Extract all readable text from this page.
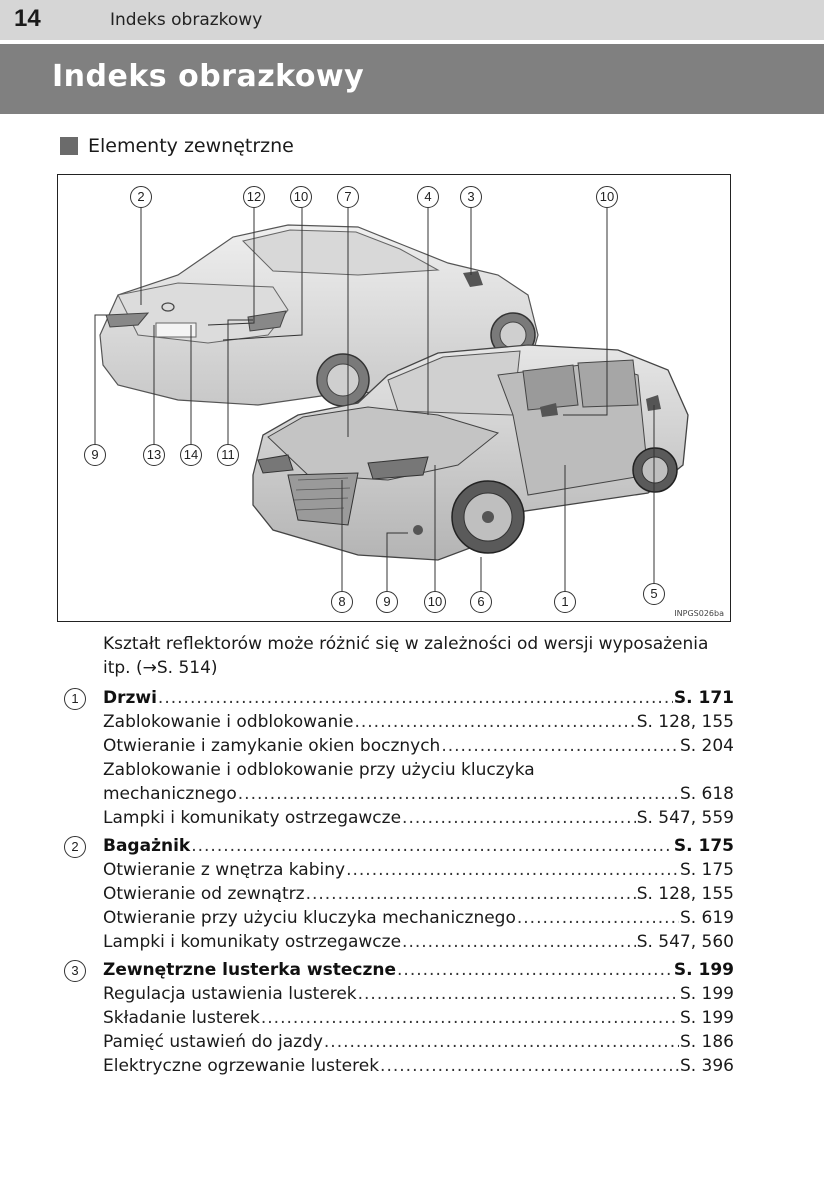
14	Indeks obrazkowy
Indeks obrazkowy
Elementy zewnętrzne
2	12	10	7	4	3	10
9	13 14	11
8	9	10	6	1
5
INPGS026ba
Kształt reflektorów może różnić się w zależności od wersji wyposażenia itp. (→S. 514)
1	Drzwi .....	S. 171
Zablokowanie i odblokowanie .....	S. 128, 155
Otwieranie i zamykanie okien bocznych .....	S. 204
Zablokowanie i odblokowanie przy użyciu kluczyka
mechanicznego .....	S. 618
Lampki i komunikaty ostrzegawcze .....	S. 547, 559
2	Bagażnik .....	S. 175
Otwieranie z wnętrza kabiny .....	S. 175
Otwieranie od zewnątrz .....	S. 128, 155
Otwieranie przy użyciu kluczyka mechanicznego .....	S. 619
Lampki i komunikaty ostrzegawcze .....	S. 547, 560
3	Zewnętrzne lusterka wsteczne .....	S. 199
Regulacja ustawienia lusterek .....	S. 199
Składanie lusterek .....	S. 199
Pamięć ustawień do jazdy .....	S. 186
Elektryczne ogrzewanie lusterek .....	S. 396
